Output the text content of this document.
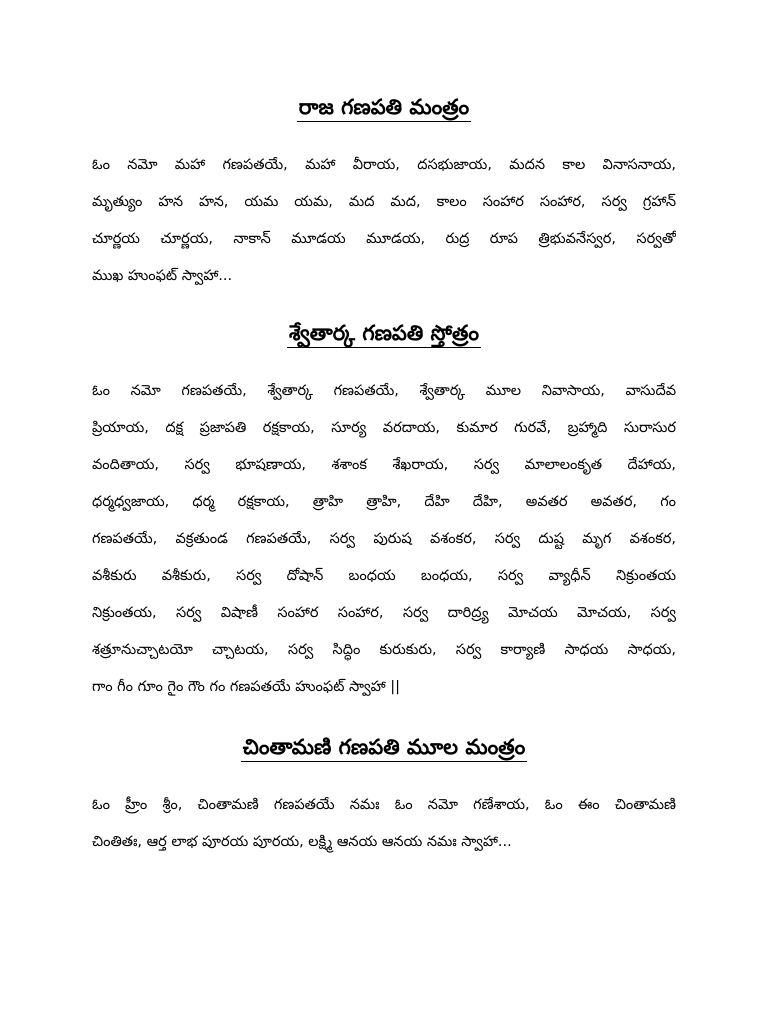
రాజ గణపతి మంత్రం
ఓం నమో మహా గణపతయే, మహా వీరాయ, దసభుజాయ, మదన కాల వినాసనాయ,
మృత్యుం హన హన, యమ యమ, మద మద, కాలం సంహార సంహార, సర్వ గ్రహాన్
చూర్ణయ చూర్ణయ, నాకాన్ మూడయ మూడయ, రుద్ర రూప త్రిభువనేస్వర, సర్వతో
ముఖ హుంఫట్ స్వాహా...
శ్వేతార్క గణపతి స్తోత్రం
ఓం నమో గణపతయే, శ్వేతార్క గణపతయే, శ్వేతార్క మూల నివాసాయ, వాసుదేవ
ప్రియాయ, దక్ష ప్రజాపతి రక్షకాయ, సూర్య వరదాయ, కుమార గురవే, బ్రహ్మాది సురాసుర
వందితాయ, సర్వ భూషణాయ, శశాంక శేఖరాయ, సర్వ మాలాలంకృత దేహాయ,
ధర్మధ్వజాయ, ధర్మ రక్షకాయ, త్రాహి త్రాహి, దేహి దేహి, అవతర అవతర, గం
గణపతయే, వక్రతుండ గణపతయే, సర్వ పురుష వశంకర, సర్వ దుష్ట మృగ వశంకర,
వశీకురు వశీకురు, సర్వ దోషాన్ బంధయ బంధయ, సర్వ వ్యాధీన్ నిక్రుంతయ
నిక్రుంతయ, సర్వ విషాణీ సంహార సంహార, సర్వ దారిద్ర్య మోచయ మోచయ, సర్వ
శత్రూనుచ్చాటయో చ్చాటయ, సర్వ సిద్ధిం కురుకురు, సర్వ కార్యాణి సాధయ సాధయ,
గాం గీం గూం గైం గౌం గం గణపతయే హుంఫట్ స్వాహా ||
చింతామణి గణపతి మూల మంత్రం
ఓం హ్రీం శ్రీం, చింతామణి గణపతయే నమః ఓం నమో గణేశాయ, ఓం ఈం చింతామణి
చింతితః, ఆర్త లాభ పూరయ పూరయ, లక్ష్మి ఆనయ ఆనయ నమః స్వాహా...
